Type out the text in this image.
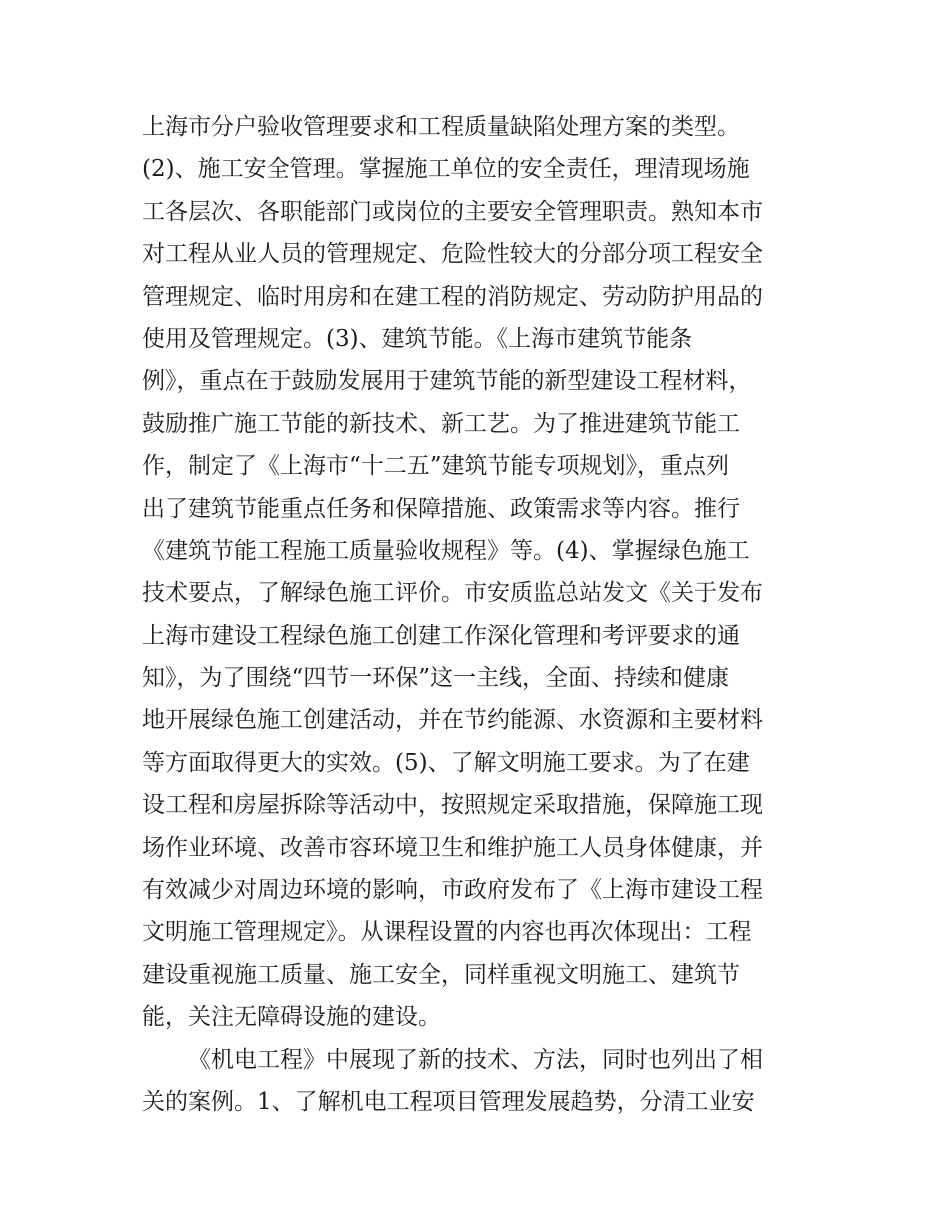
上海市分户验收管理要求和工程质量缺陷处理方案的类型。
(2)、施工安全管理。掌握施工单位的安全责任，理清现场施
工各层次、各职能部门或岗位的主要安全管理职责。熟知本市
对工程从业人员的管理规定、危险性较大的分部分项工程安全
管理规定、临时用房和在建工程的消防规定、劳动防护用品的
使用及管理规定。(3)、建筑节能。《上海市建筑节能条
例》，重点在于鼓励发展用于建筑节能的新型建设工程材料，
鼓励推广施工节能的新技术、新工艺。为了推进建筑节能工
作，制定了《上海市“十二五”建筑节能专项规划》，重点列
出了建筑节能重点任务和保障措施、政策需求等内容。推行
《建筑节能工程施工质量验收规程》等。(4)、掌握绿色施工
技术要点，了解绿色施工评价。市安质监总站发文《关于发布
上海市建设工程绿色施工创建工作深化管理和考评要求的通
知》，为了围绕“四节一环保”这一主线，全面、持续和健康
地开展绿色施工创建活动，并在节约能源、水资源和主要材料
等方面取得更大的实效。(5)、了解文明施工要求。为了在建
设工程和房屋拆除等活动中，按照规定采取措施，保障施工现
场作业环境、改善市容环境卫生和维护施工人员身体健康，并
有效减少对周边环境的影响，市政府发布了《上海市建设工程
文明施工管理规定》。从课程设置的内容也再次体现出：工程
建设重视施工质量、施工安全，同样重视文明施工、建筑节
能，关注无障碍设施的建设。
《机电工程》中展现了新的技术、方法，同时也列出了相
关的案例。1、了解机电工程项目管理发展趋势，分清工业安
